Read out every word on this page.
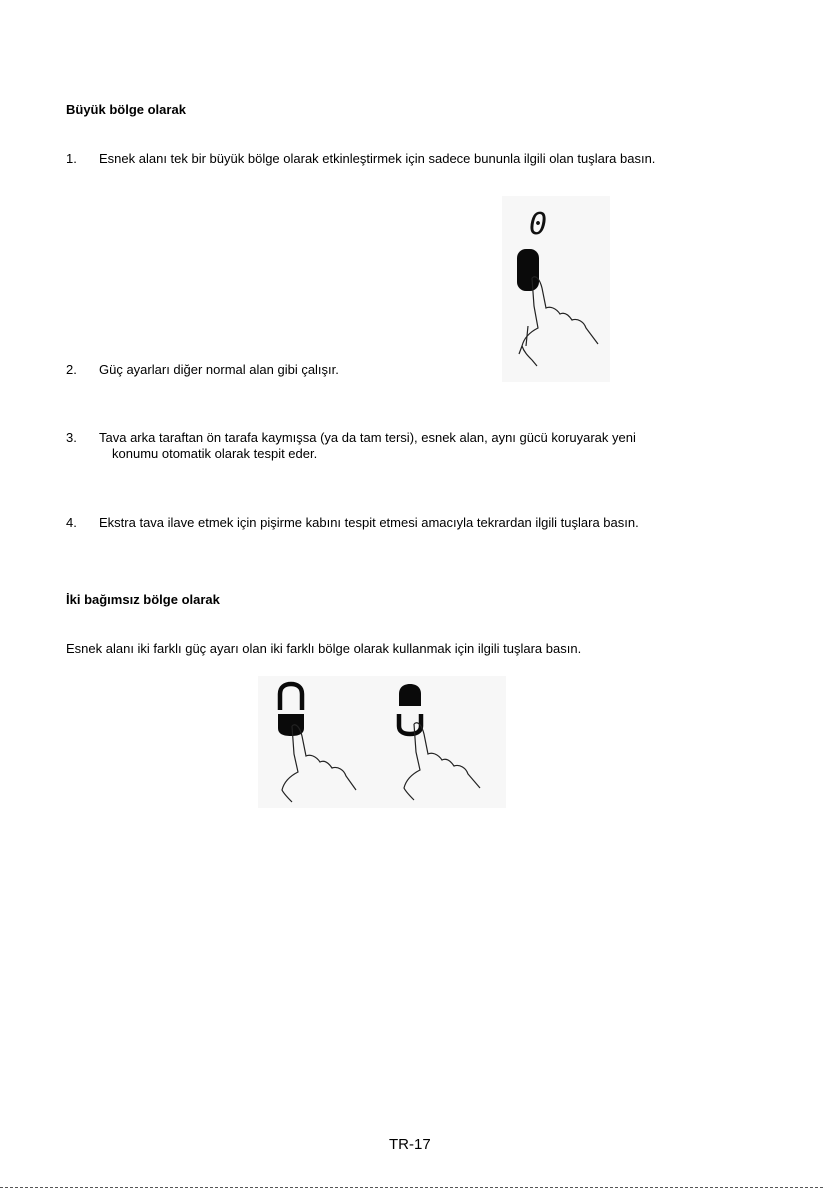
Büyük bölge olarak
1. Esnek alanı tek bir büyük bölge olarak etkinleştirmek için sadece bununla ilgili olan tuşlara basın.
0
2. Güç ayarları diğer normal alan gibi çalışır.
3. Tava arka taraftan ön tarafa kaymışsa (ya da tam tersi), esnek alan, aynı gücü koruyarak yeni
konumu otomatik olarak tespit eder.
4. Ekstra tava ilave etmek için pişirme kabını tespit etmesi amacıyla tekrardan ilgili tuşlara basın.
İki bağımsız bölge olarak
Esnek alanı iki farklı güç ayarı olan iki farklı bölge olarak kullanmak için ilgili tuşlara basın.
TR-17
